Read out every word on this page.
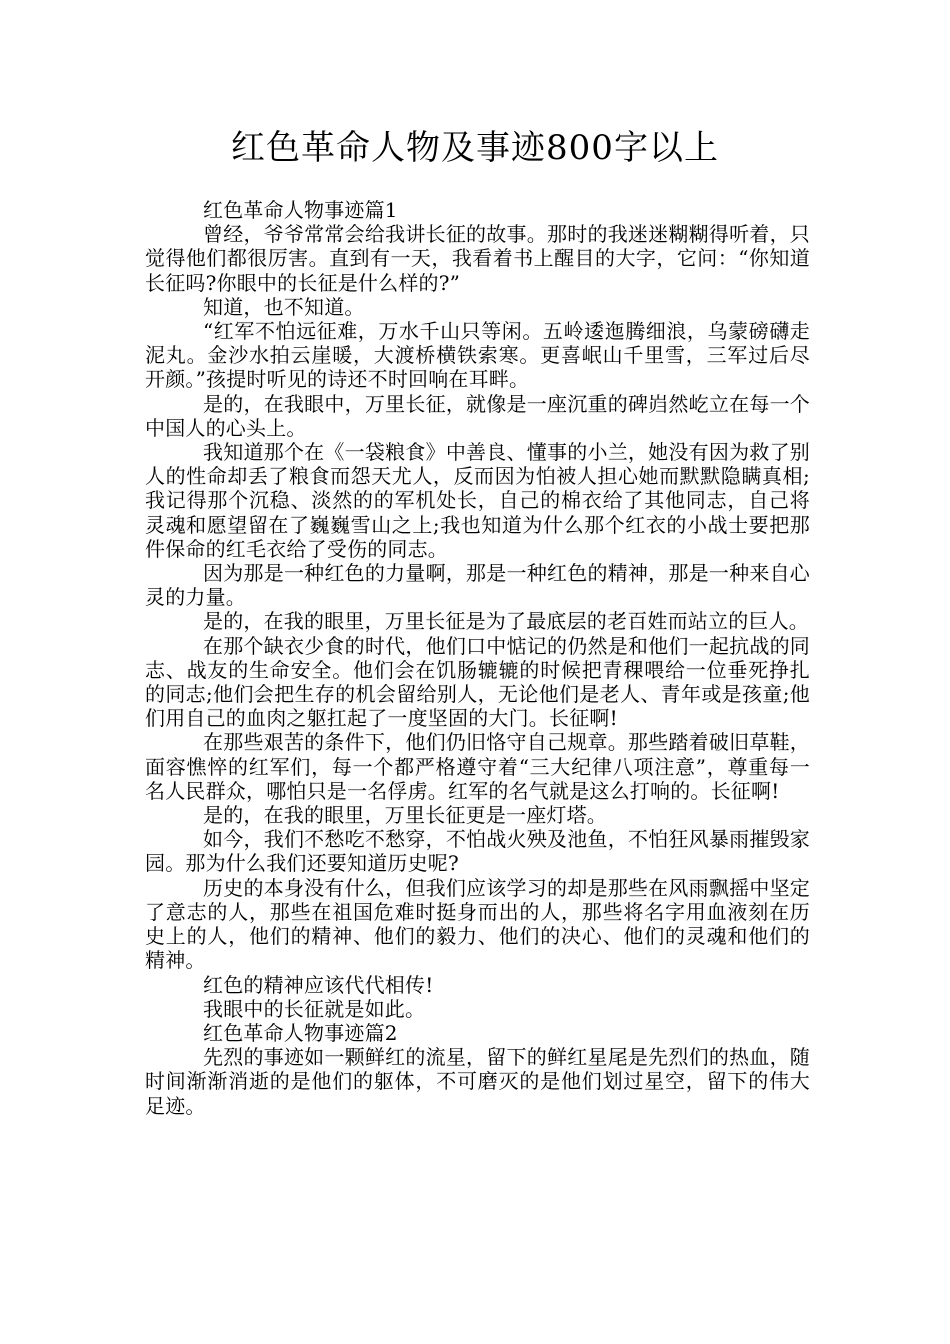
红色革命人物及事迹800字以上

红色革命人物事迹篇1

曾经，爷爷常常会给我讲长征的故事。那时的我迷迷糊糊得听着，只觉得他们都很厉害。直到有一天，我看着书上醒目的大字，它问：“你知道长征吗?你眼中的长征是什么样的?”

知道，也不知道。

“红军不怕远征难，万水千山只等闲。五岭逶迤腾细浪，乌蒙磅礴走泥丸。金沙水拍云崖暖，大渡桥横铁索寒。更喜岷山千里雪，三军过后尽开颜。”孩提时听见的诗还不时回响在耳畔。

是的，在我眼中，万里长征，就像是一座沉重的碑岿然屹立在每一个中国人的心头上。

我知道那个在《一袋粮食》中善良、懂事的小兰，她没有因为救了别人的性命却丢了粮食而怨天尤人，反而因为怕被人担心她而默默隐瞒真相;我记得那个沉稳、淡然的的军机处长，自己的棉衣给了其他同志，自己将灵魂和愿望留在了巍巍雪山之上;我也知道为什么那个红衣的小战士要把那件保命的红毛衣给了受伤的同志。

因为那是一种红色的力量啊，那是一种红色的精神，那是一种来自心灵的力量。

是的，在我的眼里，万里长征是为了最底层的老百姓而站立的巨人。

在那个缺衣少食的时代，他们口中惦记的仍然是和他们一起抗战的同志、战友的生命安全。他们会在饥肠辘辘的时候把青稞喂给一位垂死挣扎的同志;他们会把生存的机会留给别人，无论他们是老人、青年或是孩童;他们用自己的血肉之躯扛起了一度坚固的大门。长征啊!

在那些艰苦的条件下，他们仍旧恪守自己规章。那些踏着破旧草鞋，面容憔悴的红军们，每一个都严格遵守着“三大纪律八项注意”，尊重每一名人民群众，哪怕只是一名俘虏。红军的名气就是这么打响的。长征啊!

是的，在我的眼里，万里长征更是一座灯塔。

如今，我们不愁吃不愁穿，不怕战火殃及池鱼，不怕狂风暴雨摧毁家园。那为什么我们还要知道历史呢?

历史的本身没有什么，但我们应该学习的却是那些在风雨飘摇中坚定了意志的人，那些在祖国危难时挺身而出的人，那些将名字用血液刻在历史上的人，他们的精神、他们的毅力、他们的决心、他们的灵魂和他们的精神。

红色的精神应该代代相传!

我眼中的长征就是如此。

红色革命人物事迹篇2

先烈的事迹如一颗鲜红的流星，留下的鲜红星尾是先烈们的热血，随时间渐渐消逝的是他们的躯体，不可磨灭的是他们划过星空，留下的伟大足迹。
